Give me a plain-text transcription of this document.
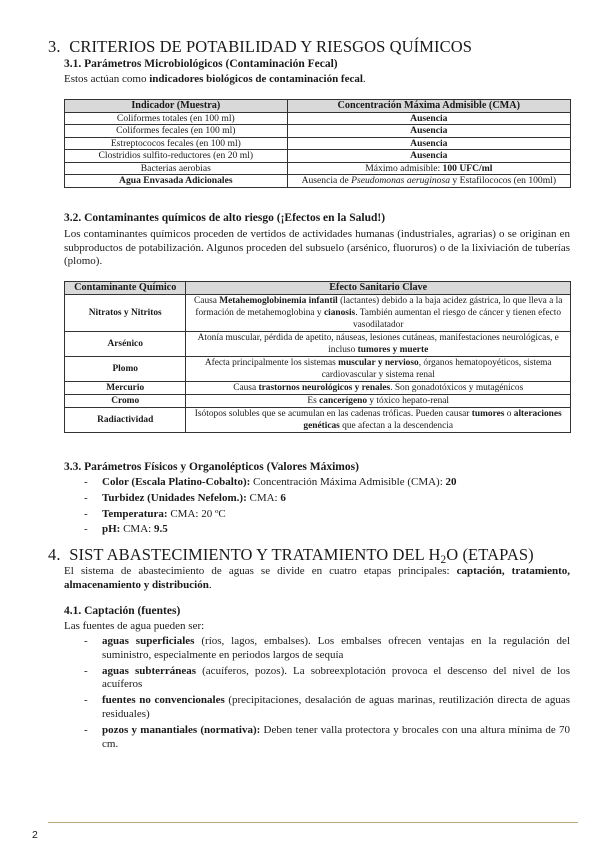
3. CRITERIOS DE POTABILIDAD Y RIESGOS QUÍMICOS
3.1. Parámetros Microbiológicos (Contaminación Fecal)
Estos actúan como indicadores biológicos de contaminación fecal.
Indicador (Muestra)	Concentración Máxima Admisible (CMA)
Coliformes totales (en 100 ml)	Ausencia
Coliformes fecales (en 100 ml)	Ausencia
Estreptococos fecales (en 100 ml)	Ausencia
Clostridios sulfito-reductores (en 20 ml)	Ausencia
Bacterias aerobias	Máximo admisible: 100 UFC/ml
Agua Envasada Adicionales	Ausencia de Pseudomonas aeruginosa y Estafilococos (en 100ml)
3.2. Contaminantes químicos de alto riesgo (¡Efectos en la Salud!)
Los contaminantes químicos proceden de vertidos de actividades humanas (industriales, agrarias) o se originan en subproductos de potabilización. Algunos proceden del subsuelo (arsénico, fluoruros) o de la lixiviación de tuberías (plomo).
Contaminante Químico	Efecto Sanitario Clave
Nitratos y Nitritos	Causa Metahemoglobinemia infantil (lactantes) debido a la baja acidez gástrica, lo que lleva a la formación de metahemoglobina y cianosis. También aumentan el riesgo de cáncer y tienen efecto vasodilatador
Arsénico	Atonía muscular, pérdida de apetito, náuseas, lesiones cutáneas, manifestaciones neurológicas, e incluso tumores y muerte
Plomo	Afecta principalmente los sistemas muscular y nervioso, órganos hematopoyéticos, sistema cardiovascular y sistema renal
Mercurio	Causa trastornos neurológicos y renales. Son gonadotóxicos y mutagénicos
Cromo	Es cancerígeno y tóxico hepato-renal
Radiactividad	Isótopos solubles que se acumulan en las cadenas tróficas. Pueden causar tumores o alteraciones genéticas que afectan a la descendencia
3.3. Parámetros Físicos y Organolépticos (Valores Máximos)
- Color (Escala Platino-Cobalto): Concentración Máxima Admisible (CMA): 20
- Turbidez (Unidades Nefelom.): CMA: 6
- Temperatura: CMA: 20 ºC
- pH: CMA: 9.5
4. SIST ABASTECIMIENTO Y TRATAMIENTO DEL $H_2O$ (ETAPAS)
El sistema de abastecimiento de aguas se divide en cuatro etapas principales: captación, tratamiento, almacenamiento y distribución.
4.1. Captación (fuentes)
Las fuentes de agua pueden ser:
- aguas superficiales (ríos, lagos, embalses). Los embalses ofrecen ventajas en la regulación del suministro, especialmente en periodos largos de sequía
- aguas subterráneas (acuíferos, pozos). La sobreexplotación provoca el descenso del nivel de los acuíferos
- fuentes no convencionales (precipitaciones, desalación de aguas marinas, reutilización directa de aguas residuales)
- pozos y manantiales (normativa): Deben tener valla protectora y brocales con una altura mínima de 70 cm.
2
